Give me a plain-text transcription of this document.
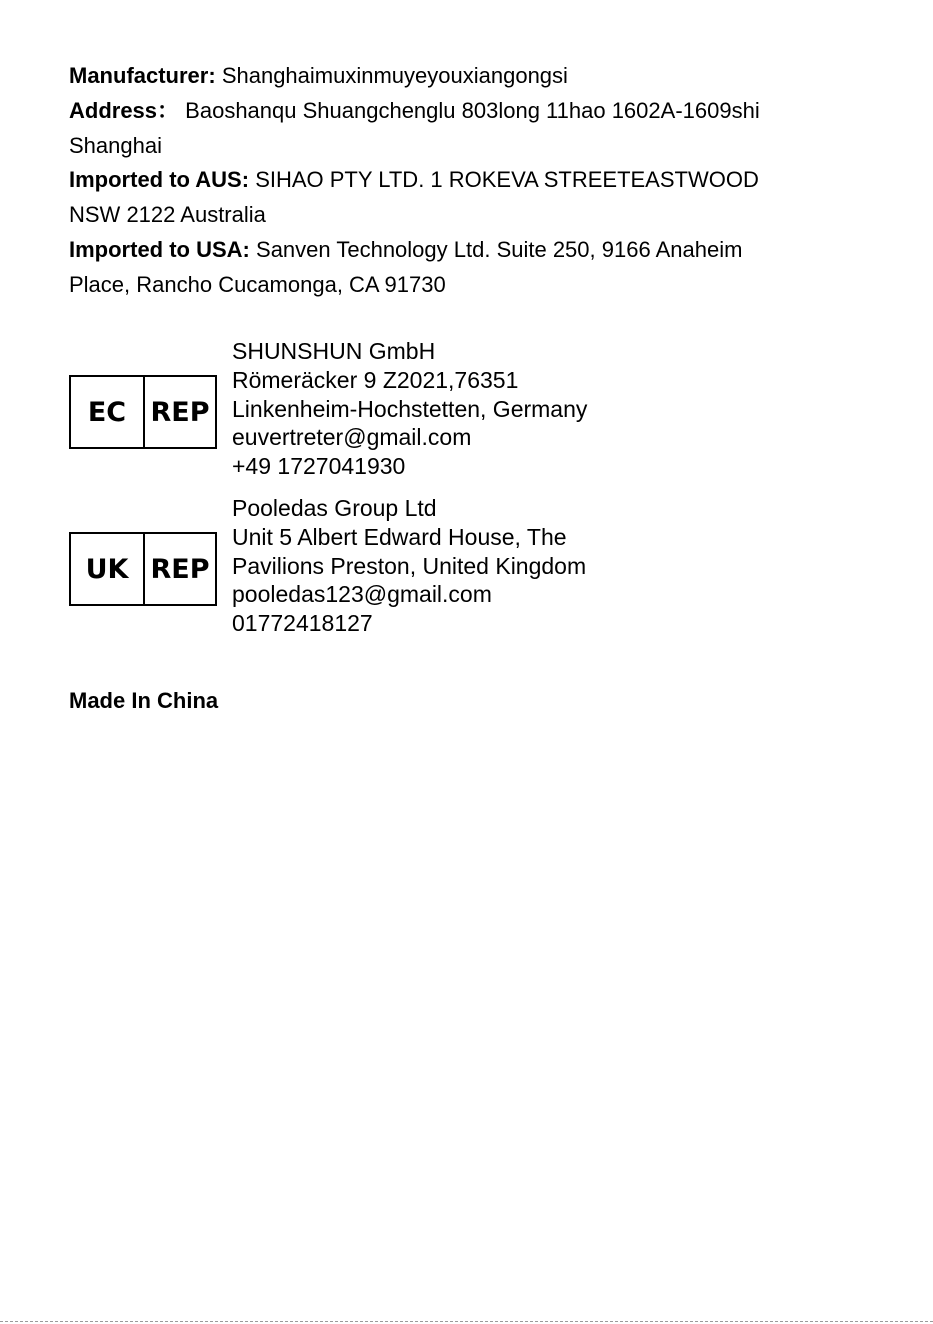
Manufacturer: Shanghaimuxinmuyeyouxiangongsi

Address： Baoshanqu Shuangchenglu 803long 11hao 1602A-1609shi

Shanghai

Imported to AUS: SIHAO PTY LTD. 1 ROKEVA STREETEASTWOOD

NSW 2122 Australia

Imported to USA: Sanven Technology Ltd. Suite 250, 9166 Anaheim

Place, Rancho Cucamonga, CA 91730

EC REP
SHUNSHUN GmbH
Römeräcker 9 Z2021,76351
Linkenheim-Hochstetten, Germany
euvertreter@gmail.com
+49 1727041930
UK REP
Pooledas Group Ltd
Unit 5 Albert Edward House, The
Pavilions Preston, United Kingdom
pooledas123@gmail.com
01772418127
Made In China
